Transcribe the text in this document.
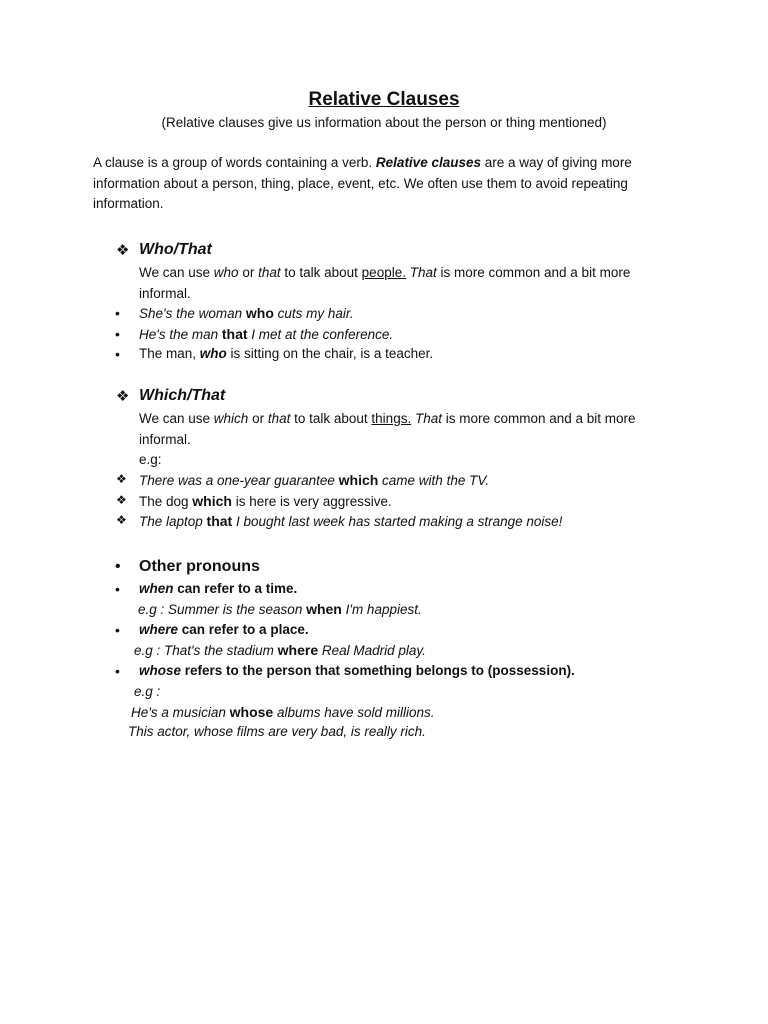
Relative Clauses
(Relative clauses give us information about the person or thing mentioned)
A clause is a group of words containing a verb. Relative clauses are a way of giving more information about a person, thing, place, event, etc. We often use them to avoid repeating information.
❖ Who/That
We can use who or that to talk about people. That is more common and a bit more
informal.
• She's the woman who cuts my hair.
• He's the man that I met at the conference.
• The man, who is sitting on the chair, is a teacher.
❖ Which/That
We can use which or that to talk about things. That is more common and a bit more
informal.
e.g:
❖ There was a one-year guarantee which came with the TV.
❖ The dog which is here is very aggressive.
❖ The laptop that I bought last week has started making a strange noise!
• Other pronouns
• when can refer to a time.
e.g : Summer is the season when I'm happiest.
• where can refer to a place.
e.g : That's the stadium where Real Madrid play.
• whose refers to the person that something belongs to (possession).
e.g :
He's a musician whose albums have sold millions.
This actor, whose films are very bad, is really rich.
